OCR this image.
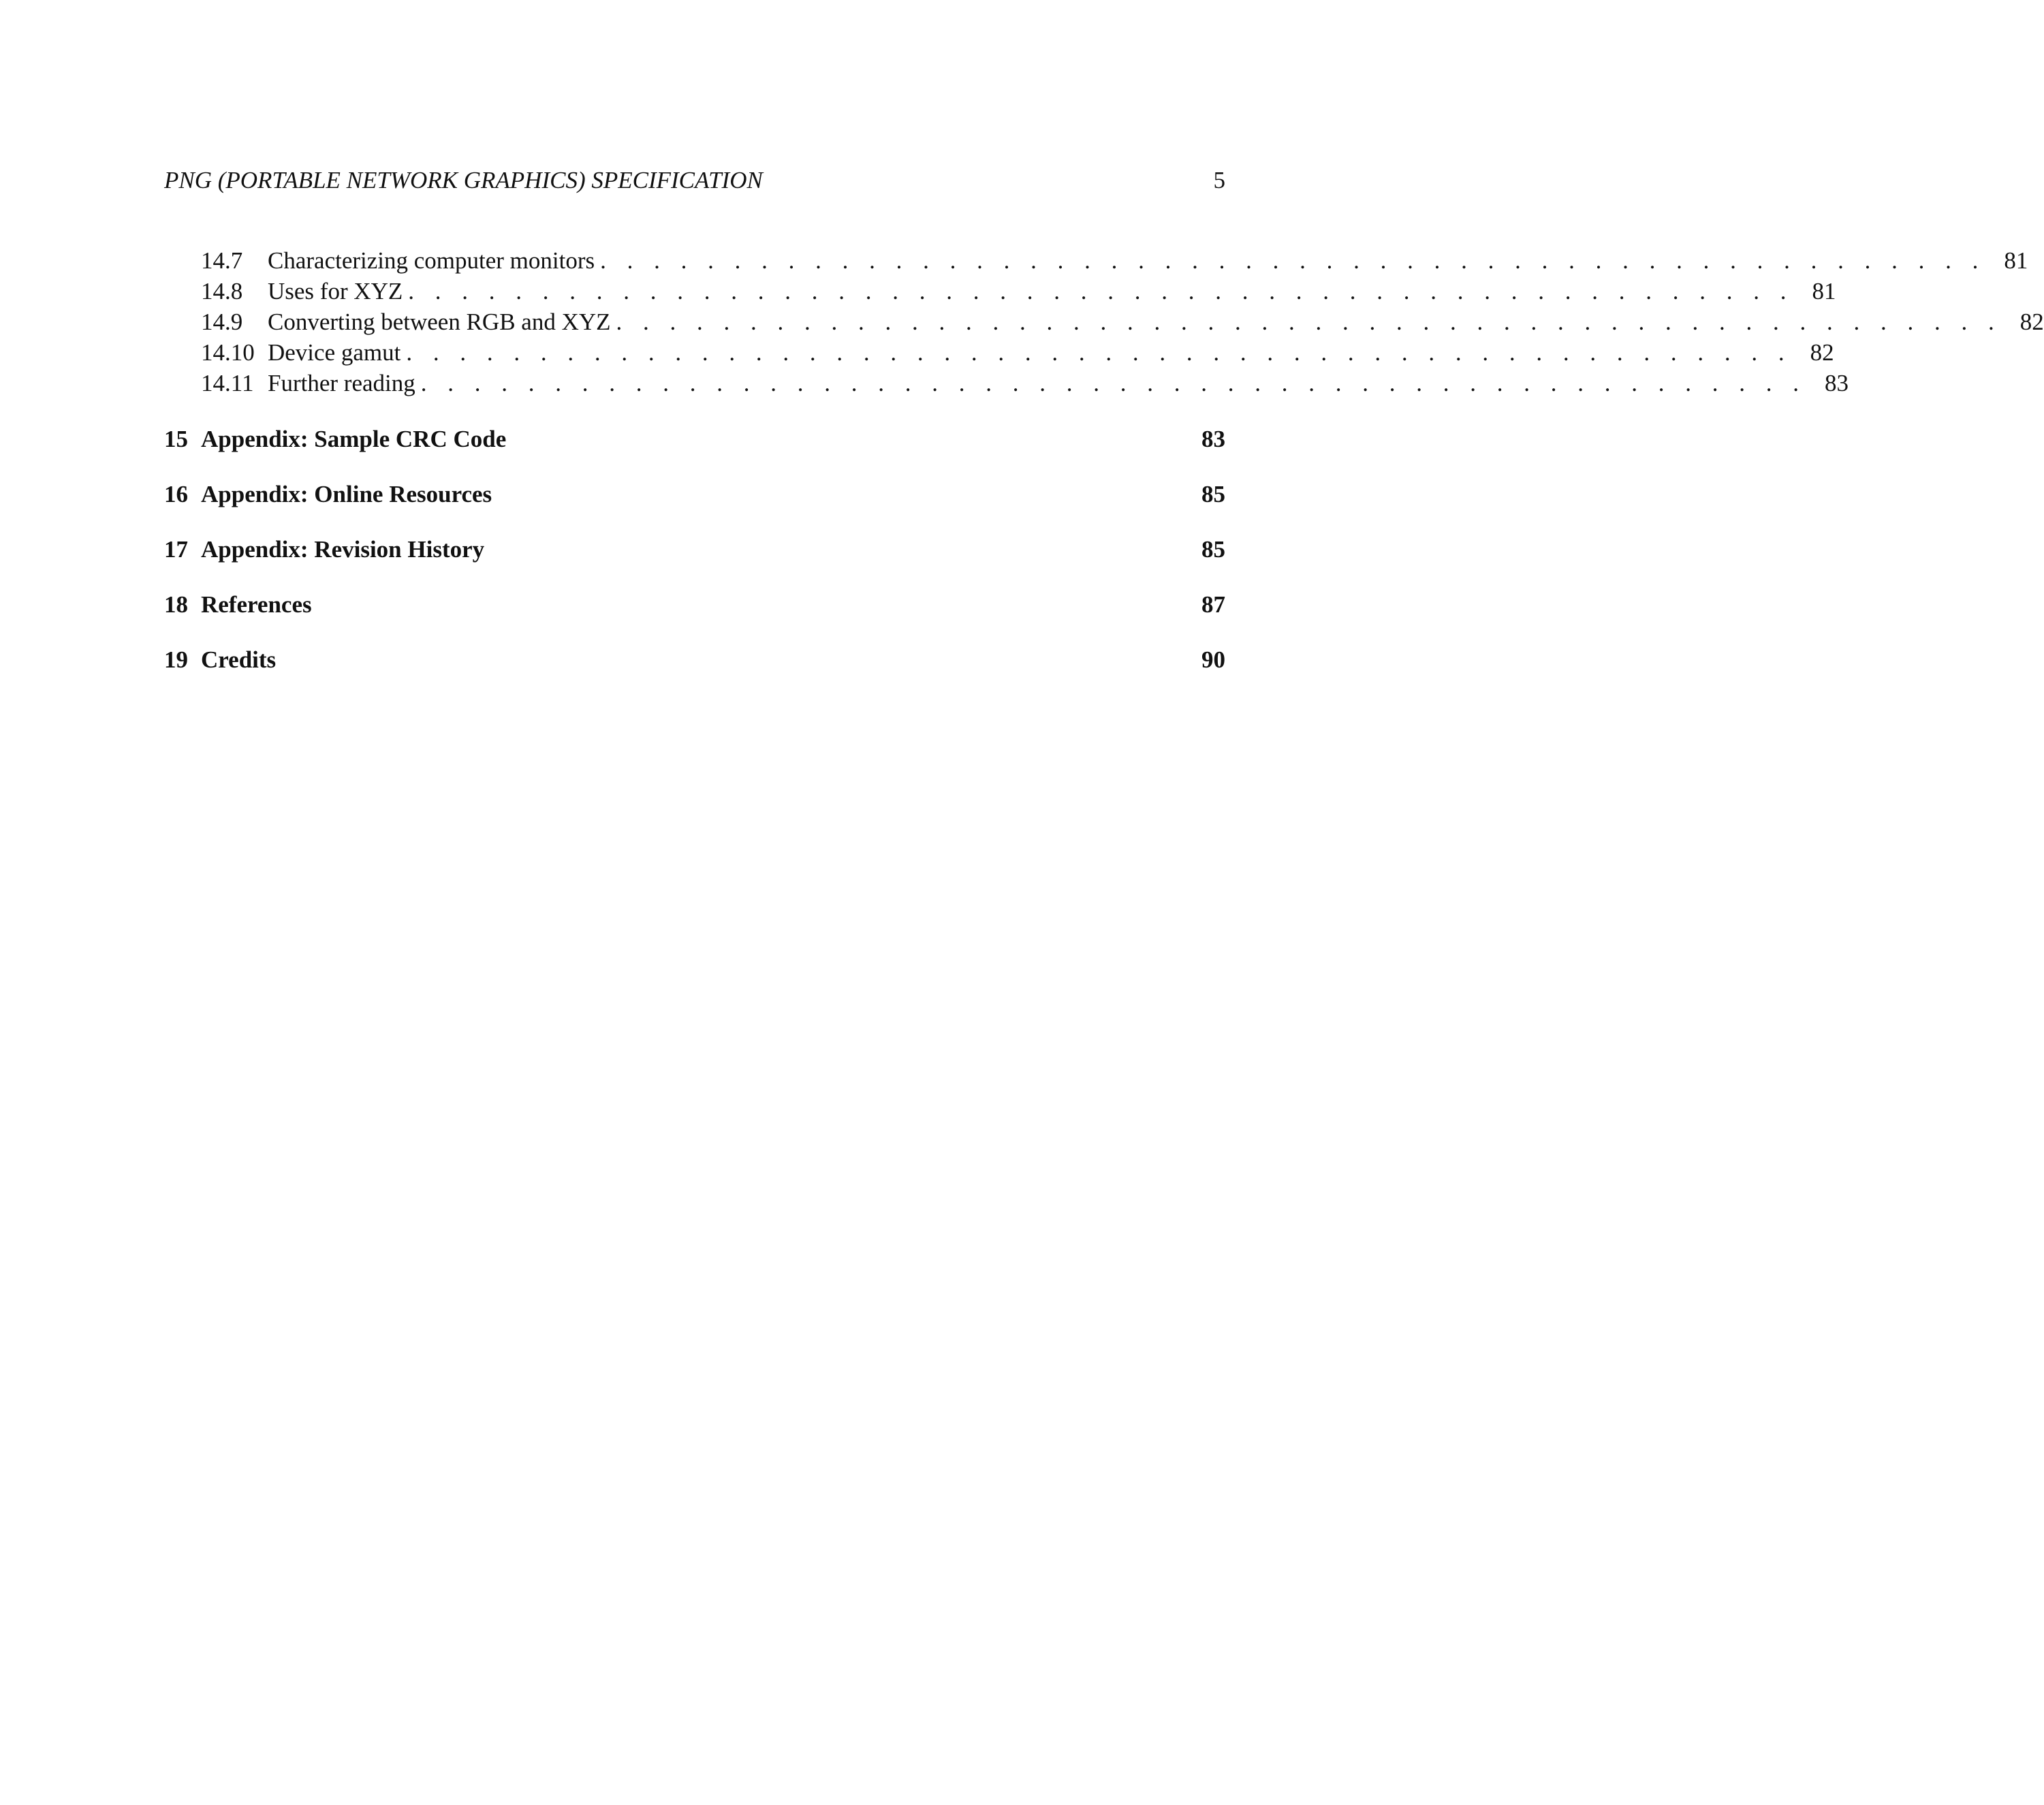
PNG (PORTABLE NETWORK GRAPHICS) SPECIFICATION	5
14.7	Characterizing computer monitors . . . . . . . . . . . . . . . . . . . . . . . . . . . . . . . . . . . . . . . . . . . . . . . . . . . . 81
14.8	Uses for XYZ . . . . . . . . . . . . . . . . . . . . . . . . . . . . . . . . . . . . . . . . . . . . . . . . . . . . 81
14.9	Converting between RGB and XYZ . . . . . . . . . . . . . . . . . . . . . . . . . . . . . . . . . . . . . . . . . . . . . . . . . . . . 82
14.10 Device gamut . . . . . . . . . . . . . . . . . . . . . . . . . . . . . . . . . . . . . . . . . . . . . . . . . . . . 82
14.11 Further reading . . . . . . . . . . . . . . . . . . . . . . . . . . . . . . . . . . . . . . . . . . . . . . . . . . . . 83
15 Appendix: Sample CRC Code	83
16 Appendix: Online Resources	85
17 Appendix: Revision History	85
18 References	87
19 Credits	90
